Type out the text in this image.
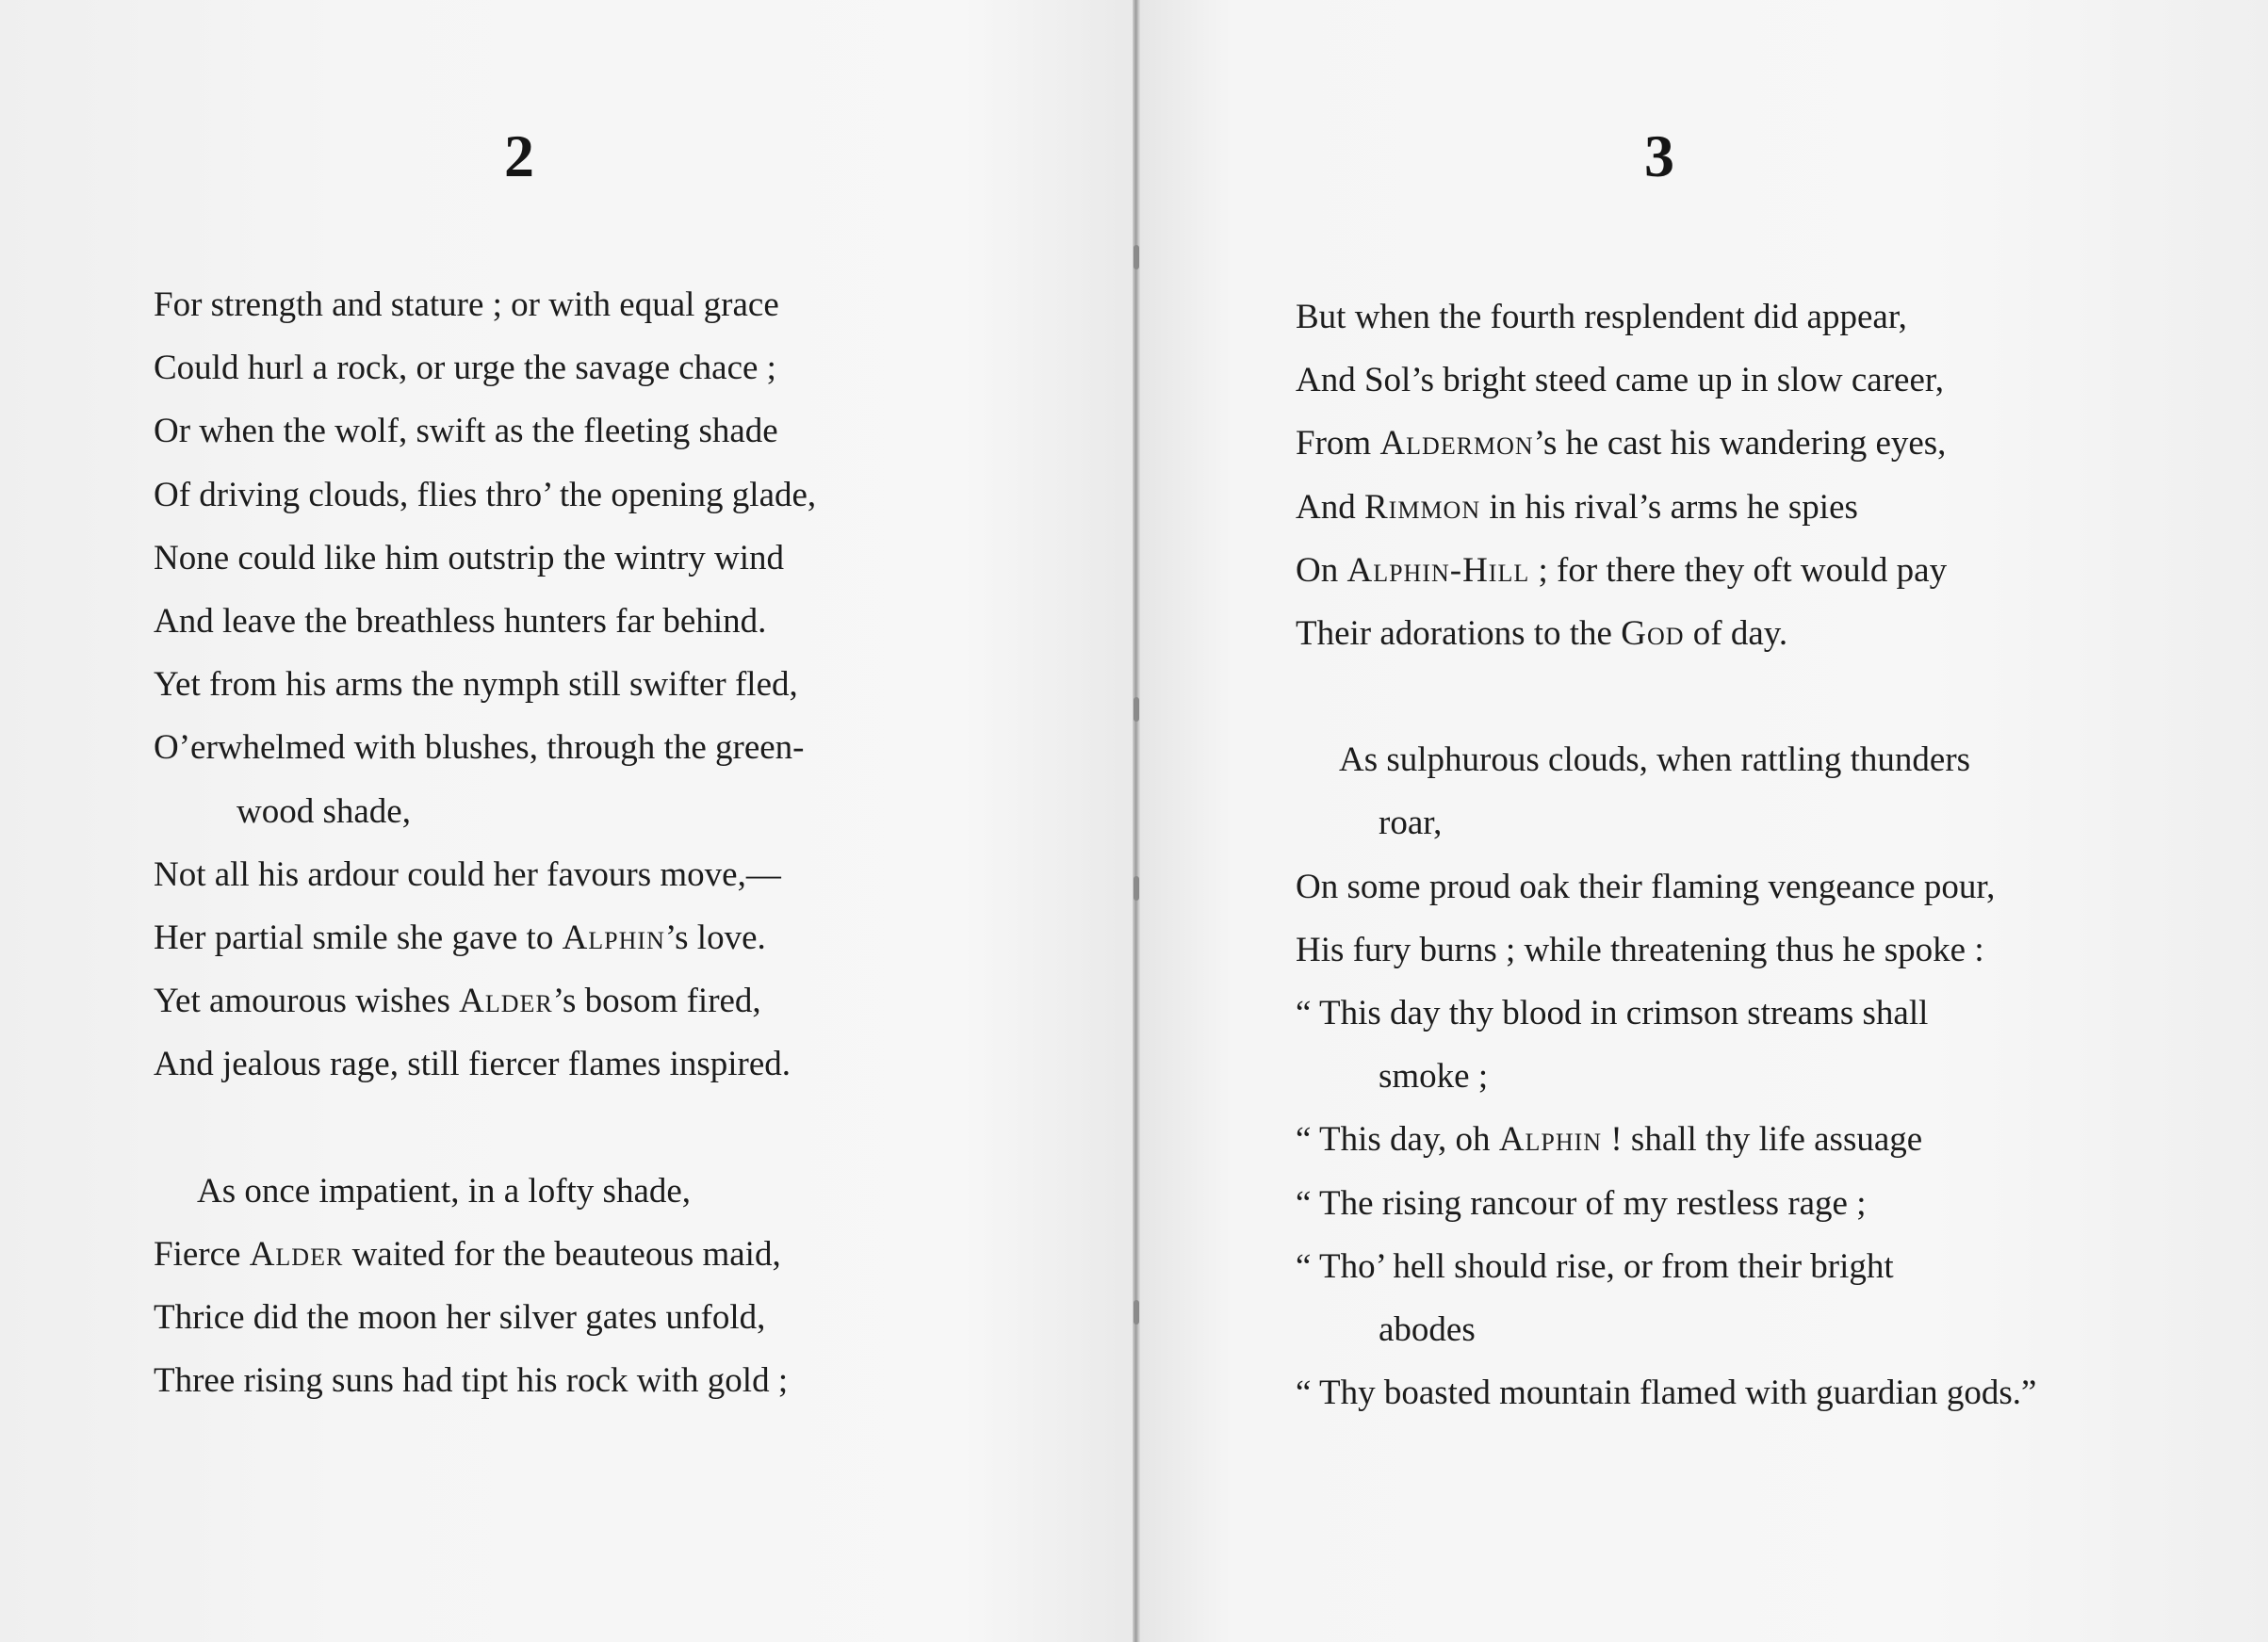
2
For strength and stature ; or with equal grace
Could hurl a rock, or urge the savage chace ;
Or when the wolf, swift as the fleeting shade
Of driving clouds, flies thro’ the opening glade,
None could like him outstrip the wintry wind
And leave the breathless hunters far behind.
Yet from his arms the nymph still swifter fled,
O’erwhelmed with blushes, through the green-
wood shade,
Not all his ardour could her favours move,—
Her partial smile she gave to Alphin’s love.
Yet amourous wishes Alder’s bosom fired,
And jealous rage, still fiercer flames inspired.
As once impatient, in a lofty shade,
Fierce Alder waited for the beauteous maid,
Thrice did the moon her silver gates unfold,
Three rising suns had tipt his rock with gold ;
3
But when the fourth resplendent did appear,
And Sol’s bright steed came up in slow career,
From Aldermon’s he cast his wandering eyes,
And Rimmon in his rival’s arms he spies
On Alphin-Hill ; for there they oft would pay
Their adorations to the God of day.
As sulphurous clouds, when rattling thunders
roar,
On some proud oak their flaming vengeance pour,
His fury burns ; while threatening thus he spoke :
“ This day thy blood in crimson streams shall
smoke ;
“ This day, oh Alphin ! shall thy life assuage
“ The rising rancour of my restless rage ;
“ Tho’ hell should rise, or from their bright
abodes
“ Thy boasted mountain flamed with guardian gods.”
